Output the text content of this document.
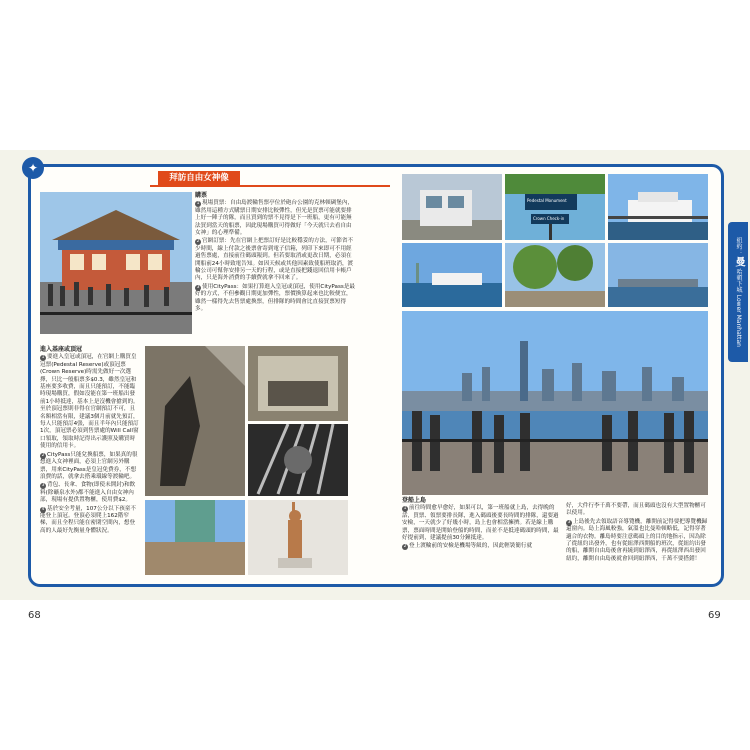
✦
拜訪自由女神像
購票

1 現場買票：自由島渡輪售票亭位於砲台公園的克林頓碉堡內，雖然用這種方式購票日期安排比較彈性，但光是買票可能就要排上好一陣子的隊，而且買到的票不見得是下一班船，更有可能無法買到當天的船票，因此現場購買可得做好「今天就只去看自由女神」的心理準備。

2 官網訂票：先在官網上把票訂好是比較穩妥的方法，可節省不少時間，線上付款之後票會寄到電子信箱，列印下來即可不用經過售票處，直接前往碼頭報到。但若要取消或更改日期，必須在開船前24小時致電告知。如因天候或其他因素致使船班取消，渡輪公司可幫你安排另一天的行程，或是直接把錢退回信用卡帳戶內，只是海外消費的手續費就拿不回來了。

3 使用CityPass：如果打算進入皇冠或頂冠，使用CityPass是最好的方式，不但參觀日期更加彈性，票價換算起來也比較便宜，雖然一樣得先去售票處換票，但排隊的時間會比直接買票短得多。

進入基座或頂冠

1 要進入皇冠或頂冠，在官網上購買皇冠票(Pedestal Reserve)或頂冠票(Crown Reserve)時需先做好一次選擇，只比一般船票多$0.3，雖然皇冠和基座要多收費，而且只能預訂，不能臨時現場購買，假如沒能在第一班船出發前1小時抵達，基本上是沒機會搶到的。至於頂冠票則非得在官網預訂不可，且名額相當有限，建議3個月前就先預訂，每人只能預訂4張，而且半年內只能預訂1次，頂冠票必須到售票處的Will Call窗口領取，領取時記得出示護照及購買時使用的信用卡。

2 CityPass只能兌換船票，如果真的很想進入女神裡面，必須上官網另外購票，用來CityPass是皇冠免費券，不想浪費的話，就拿去搭乘環線等渡輪吧。

3 背包、長傘、食物(即使未開封)和飲料(除礦泉水外)都不能進入自由女神內部，現場有提供置物櫃，使用費$2。

4 基於安全考量，107公分以下孩童不能登上頂冠。登頂必須爬上162階窄梯，而且全程只能在密閉空間內，想登高的人最好先衡量身體狀況。

Pedestal Monument
Crown Check-in
登船上島

1 前往時間愈早愈好，如果可以，第一班船就上島，去得晚的話，買票、領票要排長隊，進入碼頭後要長時間的排隊，還要過安檢，一天就少了好幾小時，島上也會相當擁擠。若是線上購票，票面時間是開始登船的時間，而並不是抵達碼頭的時間，最好提前到，建議提前30分鐘抵達。

2 登上渡輪前的安檢是機場等級的，因此輕裝簡行就

好，大件行李千萬不要帶，而且碼頭也沒有大型置物櫃可以使用。

3 上島後先去領取語音導覽機，離開前記得要把導覽機歸還窗內。島上海風較強，氣溫也比曼哈頓略低，記得穿著適合的衣物。離島時要注意碼頭上的目的地指示，因為除了從紐約出發外，也有從紐澤西開船的班次，從紐約出發的船，離開自由島後會再繞到紐澤西，再從紐澤西出發回紐約，離開自由島後就會回到紐澤西，千萬不要搭錯！

紐約： 曼 哈頓下城 Lower Manhattan
68	69
